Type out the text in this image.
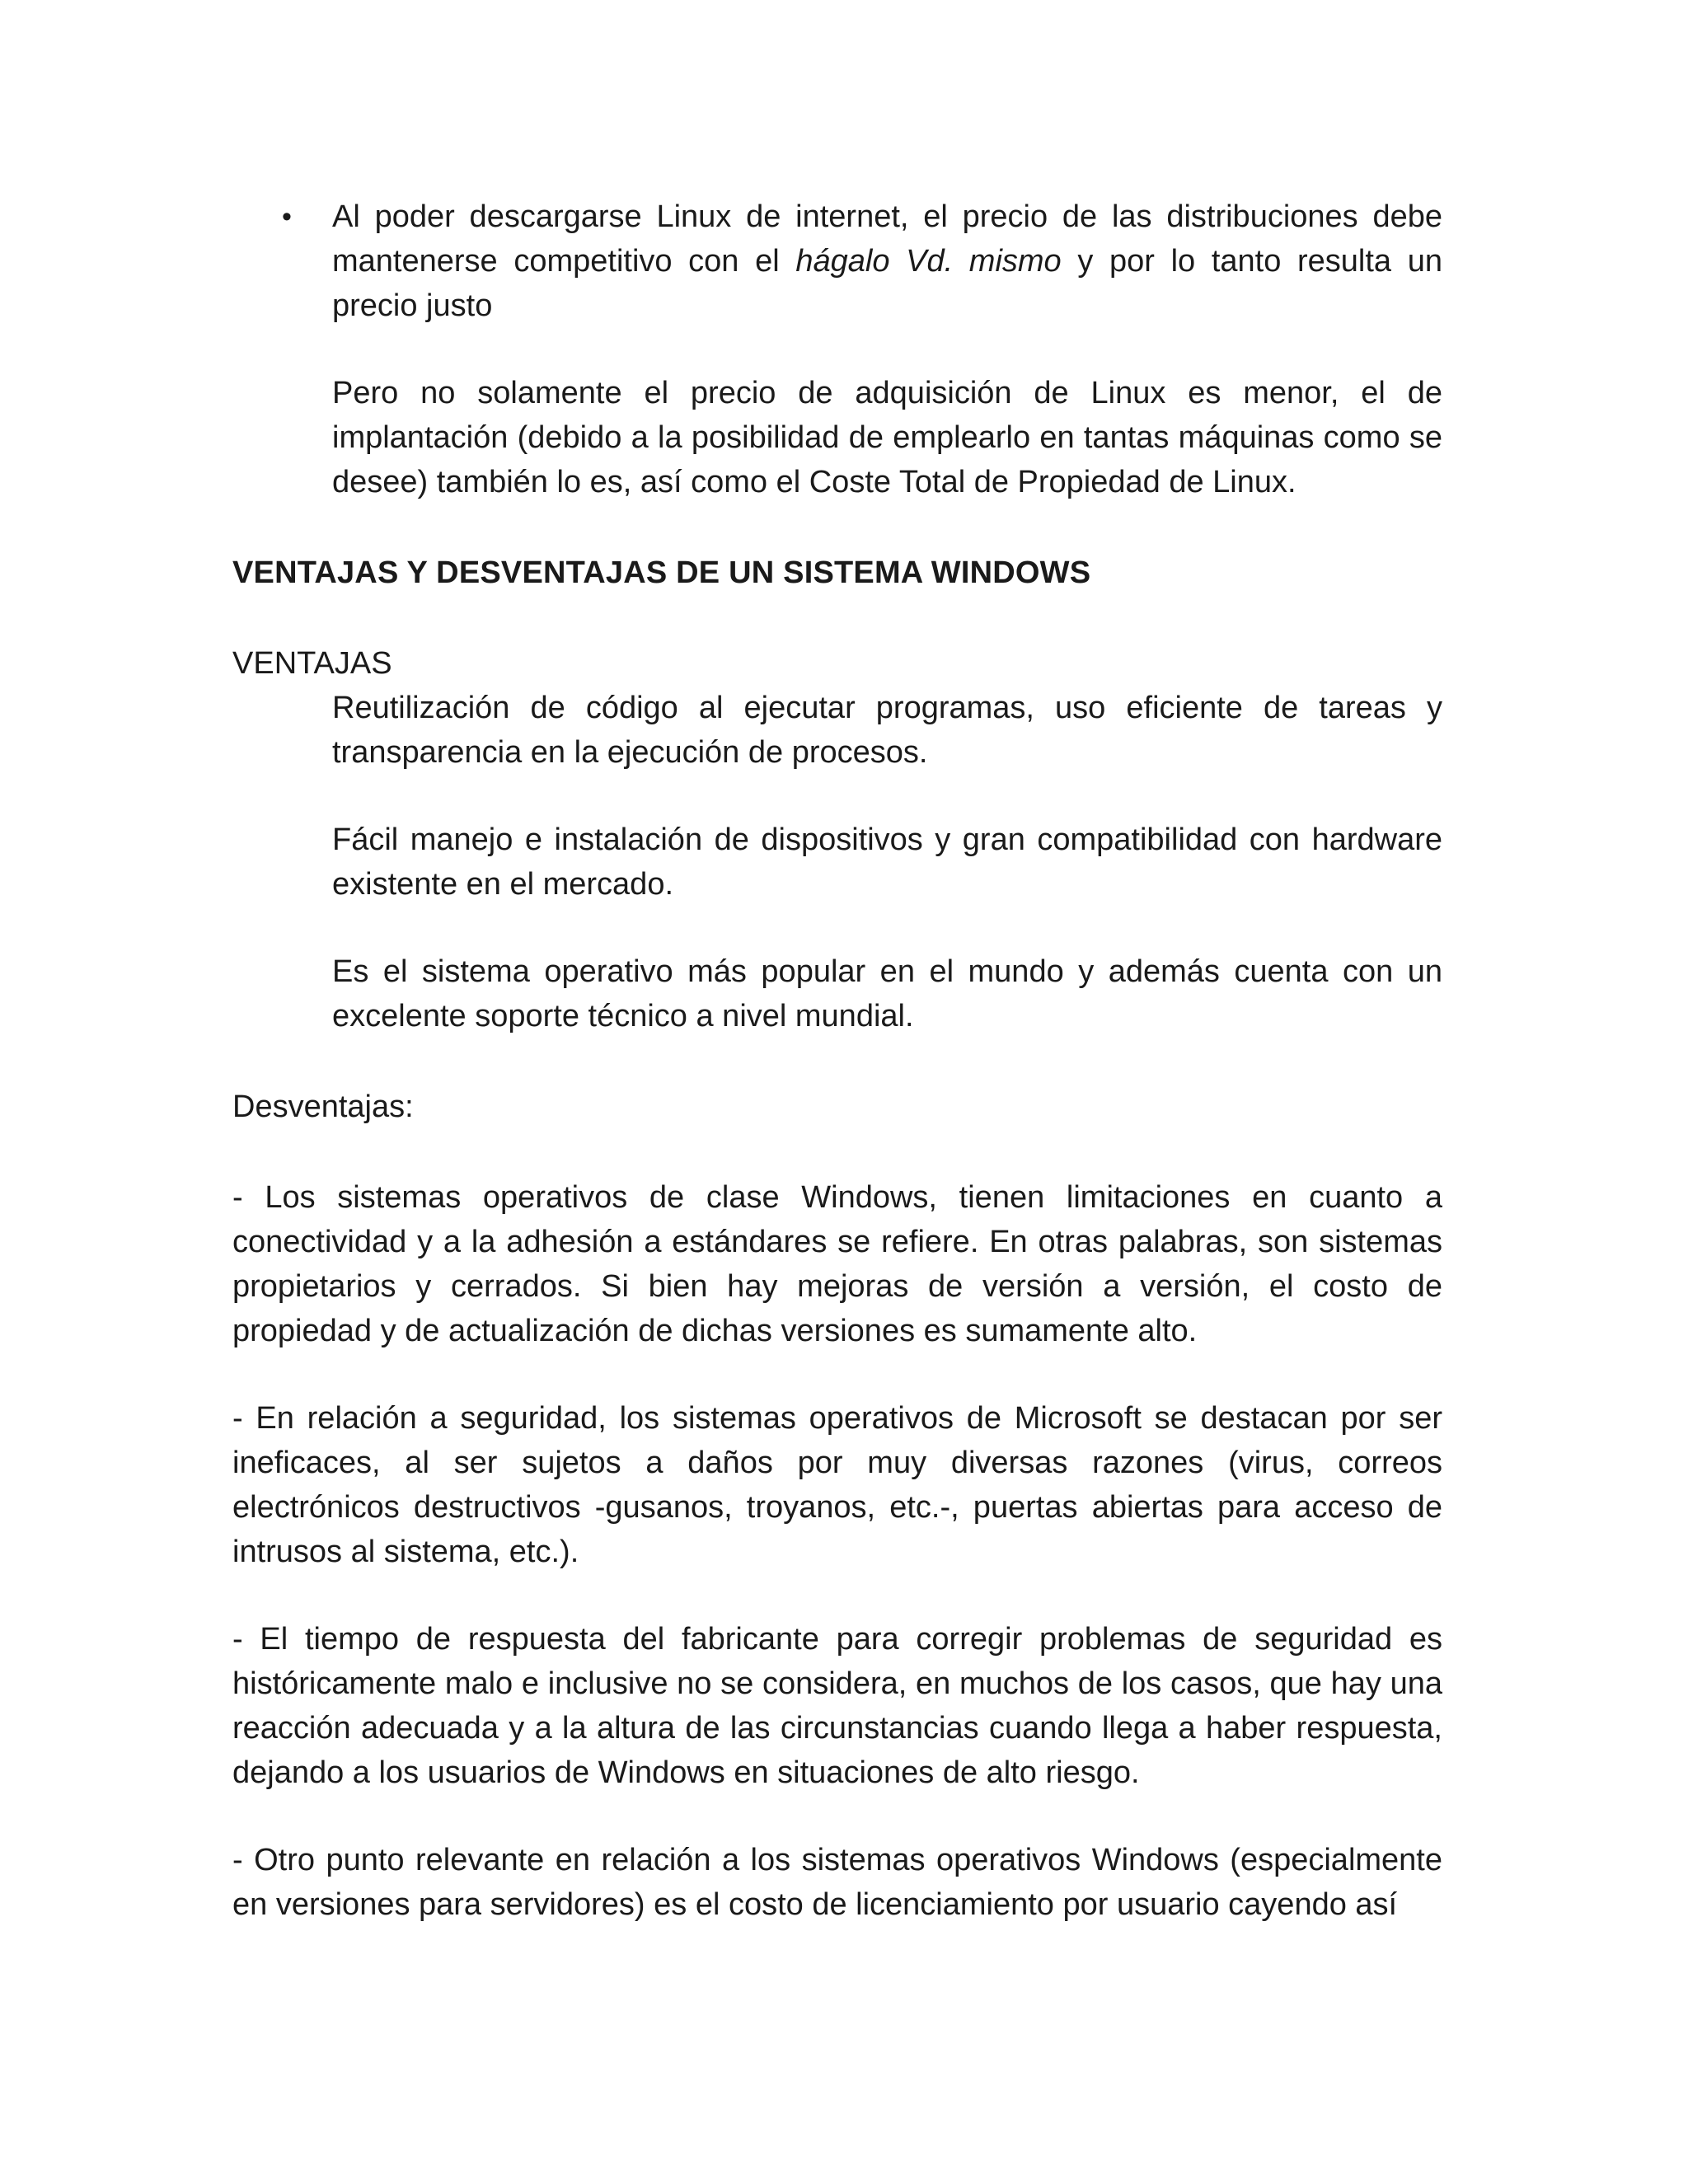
•	Al poder descargarse Linux de internet, el precio de las distribuciones debe mantenerse competitivo con el hágalo Vd. mismo y por lo tanto resulta un precio justo

Pero no solamente el precio de adquisición de Linux es menor, el de implantación (debido a la posibilidad de emplearlo en tantas máquinas como se desee) también lo es, así como el Coste Total de Propiedad de Linux.

VENTAJAS Y DESVENTAJAS DE UN SISTEMA WINDOWS

VENTAJAS

Reutilización de código al ejecutar programas, uso eficiente de tareas y transparencia en la ejecución de procesos.

Fácil manejo e instalación de dispositivos y gran compatibilidad con hardware existente en el mercado.

Es el sistema operativo más popular en el mundo y además cuenta con un excelente soporte técnico a nivel mundial.

Desventajas:

- Los sistemas operativos de clase Windows, tienen limitaciones en cuanto a conectividad y a la adhesión a estándares se refiere. En otras palabras, son sistemas propietarios y cerrados. Si bien hay mejoras de versión a versión, el costo de propiedad y de actualización de dichas versiones es sumamente alto.

- En relación a seguridad, los sistemas operativos de Microsoft se destacan por ser ineficaces, al ser sujetos a daños por muy diversas razones (virus, correos electrónicos destructivos -gusanos, troyanos, etc.-, puertas abiertas para acceso de intrusos al sistema, etc.).

- El tiempo de respuesta del fabricante para corregir problemas de seguridad es históricamente malo e inclusive no se considera, en muchos de los casos, que hay una reacción adecuada y a la altura de las circunstancias cuando llega a haber respuesta, dejando a los usuarios de Windows en situaciones de alto riesgo.

- Otro punto relevante en relación a los sistemas operativos Windows (especialmente en versiones para servidores) es el costo de licenciamiento por usuario cayendo así
